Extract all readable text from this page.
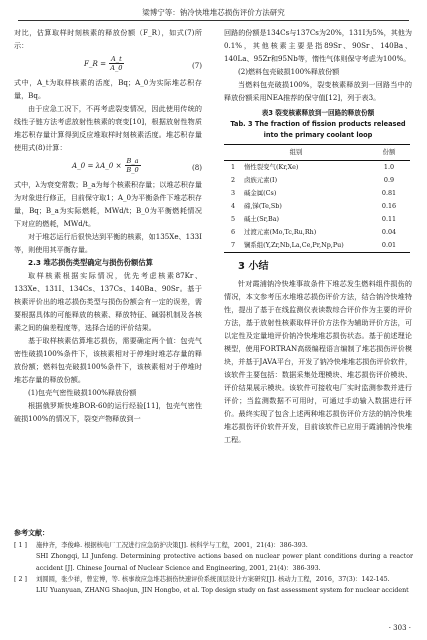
梁博宁等：钠冷快堆堆芯损伤评价方法研究

对比，估算取样时刻核素的释放份额（F_R），如式(7)所示：

F_R = $\frac{A\_t}{A\_0}$	(7)

式中，A_t为取样核素的活度，Bq；A_0为实际堆芯积存量，Bq。

由于应急工况下，不再考虑裂变情况，因此使用传统的线性子链方法考虑放射性核素的衰变[10]，根据放射性物质堆芯积存量计算得到反应堆取样时刻核素活度。堆芯积存量使用式(8)计算：

A_0 = λA_0 × $\frac{B\_a}{B\_0}$	(8)

式中，λ为衰变常数；B_a为每个核素积存量；以堆芯积存量为对象进行修正，目前保守取1；A_0为平衡条件下堆芯积存量，Bq；B_a为实际燃耗，MWd/t；B_0为平衡燃耗情况下对应的燃耗，MWd/t。

对于堆芯运行后很快达到平衡的核素，如135Xe、133I等，则使用其平衡存量。

2.3 堆芯损伤类型确定与损伤份额估算

取样核素根据实际情况，优先考虑核素87Kr、133Xe、131I、134Cs、137Cs、140Ba、90Sr。基于核素评价出的堆芯损伤类型与损伤份额会有一定的误差，需要根据具体的可能释放的核素、释放特征、碱弱机制及各核素之间的偏差程度等，选择合适的评价结果。

基于取样核素估算堆芯损伤，需要确定两个值：包壳气密性破损100%条件下，该核素相对于停堆时堆芯存量的释放份额；燃料包壳破损100%条件下，该核素相对于停堆时堆芯存量的释放份额。

(1)包壳气密性破损100%释放份额

根据俄罗斯快堆BOR-60的运行经验[11]，包壳气密性破损100%的情况下，裂变产物释放到一

回路的份额是134Cs与137Cs为20%，131I为5%，其他为0.1%，其他核素主要是指89Sr、90Sr、140Ba、140La、95Zr和95Nb等，惰性气体则保守考虑为100%。

(2)燃料包壳破损100%释放份额

当燃料包壳破损100%，裂变核素释放到一回路当中的释放份额采用NEA推荐的保守值[12]，列于表3。

表3 裂变核素释放到一回路的释放份额
Tab. 3 The fraction of fission products released
into the primary coolant loop
组别		份额
1	惰性裂变气(Kr,Xe)	1.0
2	卤族元素(I)	0.9
3	碱金属(Cs)	0.81
4	碲,锑(Te,Sb)	0.16
5	碱土(Sr,Ba)	0.11
6	过渡元素(Mo,Tc,Ru,Rh)	0.04
7	镧系组(Y,Zr,Nb,La,Ce,Pr,Np,Pu)	0.01

3 小结

针对霞浦钠冷快堆事故条件下堆芯发生燃料组件损伤的情况，本文参考压水堆堆芯损伤评价方法，结合钠冷快堆特性，提出了基于在线监测仪表读数综合评价作为主要的评价方法，基于放射性核素取样评价方法作为辅助评价方法，可以定性及定量地评价钠冷快堆堆芯损伤状态。基于前述理论模型，使用FORTRAN高级编程语言编制了堆芯损伤评价模块，并基于JAVA平台，开发了钠冷快堆堆芯损伤评价软件，该软件主要包括：数据采集处理模块、堆芯损伤评价模块、评价结果展示模块。该软件可接收电厂实时监测参数并进行评价；当监测数据不可用时，可通过手动输入数据进行评价。最终实现了包含上述两种堆芯损伤评价方法的钠冷快堆堆芯损伤评价软件开发，目前该软件已应用于霞浦钠冷快堆工程。

参考文献：
[ 1 ]	施仲齐，李俊峰. 根据核电厂工况进行应急防护决策[J]. 核科学与工程，2001，21(4)：386-393.
SHI Zhongqi, LI Junfeng. Determining protective actions based on nuclear power plant conditions during a reactor accident [J]. Chinese Journal of Nuclear Science and Engineering, 2001, 21(4)：386-393.
[ 2 ]	刘圆圆，张少祥，曾宏博，等. 核事故应急堆芯损伤快速评价系统顶层设计方案研究[J]. 核动力工程，2016，37(3)：142-145.
LIU Yuanyuan, ZHANG Shaojun, JIN Hongbo, et al. Top design study on fast assessment system for nuclear accident
· 303 ·
